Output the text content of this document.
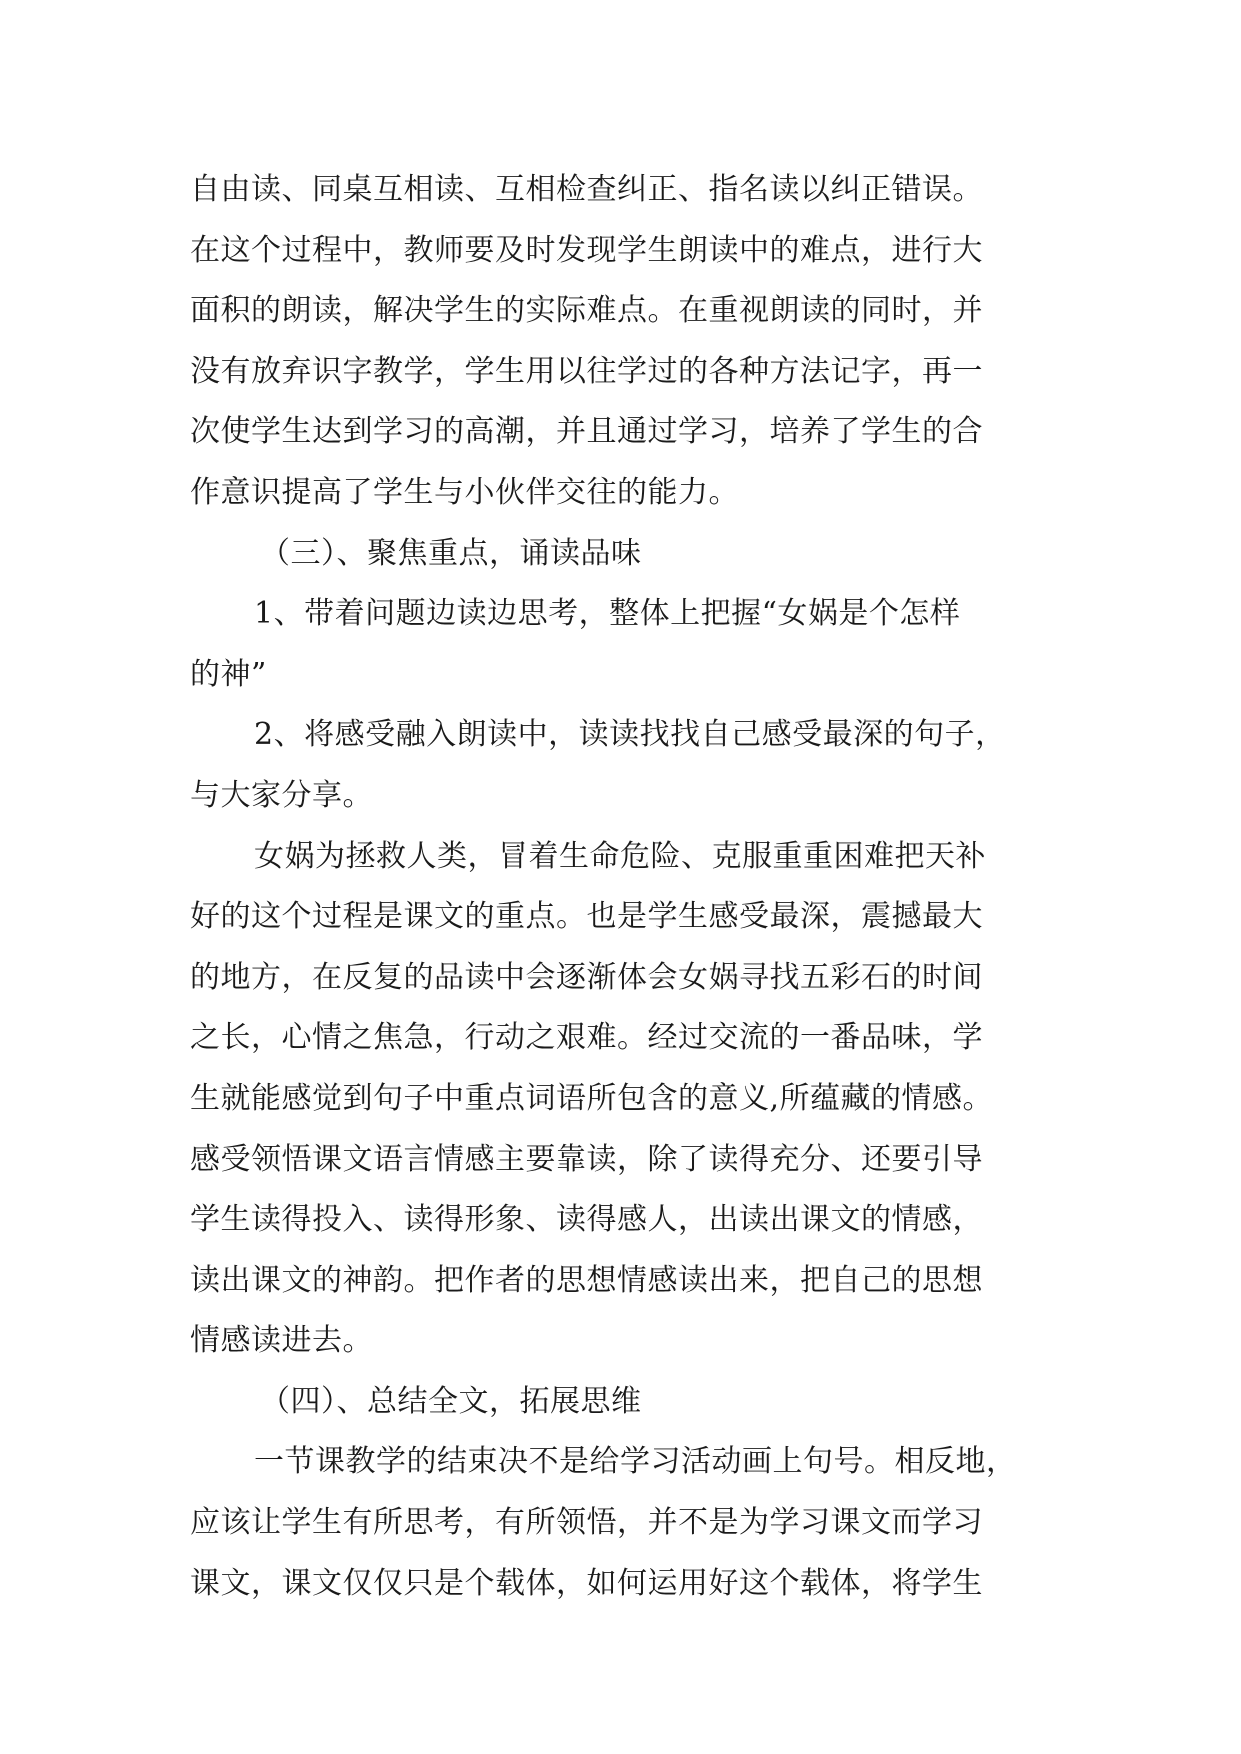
自由读、同桌互相读、互相检查纠正、指名读以纠正错误。
在这个过程中，教师要及时发现学生朗读中的难点，进行大
面积的朗读，解决学生的实际难点。在重视朗读的同时，并
没有放弃识字教学，学生用以往学过的各种方法记字，再一
次使学生达到学习的高潮，并且通过学习，培养了学生的合
作意识提高了学生与小伙伴交往的能力。
（三）、聚焦重点，诵读品味
1、带着问题边读边思考，整体上把握“女娲是个怎样
的神”
2、将感受融入朗读中，读读找找自己感受最深的句子，
与大家分享。
女娲为拯救人类，冒着生命危险、克服重重困难把天补
好的这个过程是课文的重点。也是学生感受最深，震撼最大
的地方，在反复的品读中会逐渐体会女娲寻找五彩石的时间
之长，心情之焦急，行动之艰难。经过交流的一番品味，学
生就能感觉到句子中重点词语所包含的意义,所蕴藏的情感。
感受领悟课文语言情感主要靠读，除了读得充分、还要引导
学生读得投入、读得形象、读得感人，出读出课文的情感，
读出课文的神韵。把作者的思想情感读出来，把自己的思想
情感读进去。
（四）、总结全文，拓展思维
一节课教学的结束决不是给学习活动画上句号。相反地，
应该让学生有所思考，有所领悟，并不是为学习课文而学习
课文，课文仅仅只是个载体，如何运用好这个载体，将学生
